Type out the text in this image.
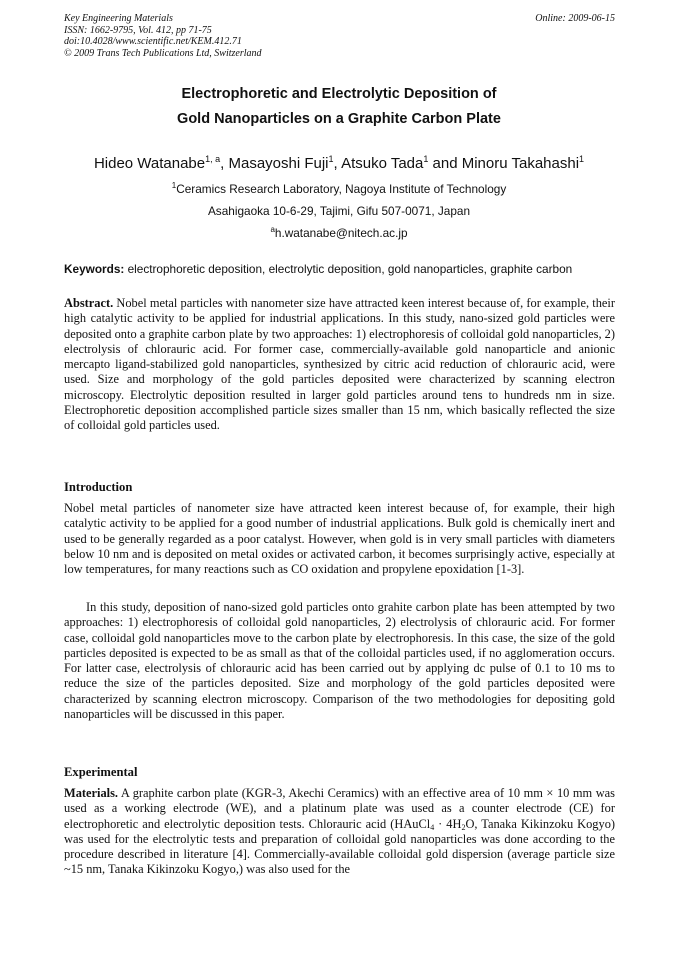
Key Engineering Materials
ISSN: 1662-9795, Vol. 412, pp 71-75
doi:10.4028/www.scientific.net/KEM.412.71
© 2009 Trans Tech Publications Ltd, Switzerland
Online: 2009-06-15
Electrophoretic and Electrolytic Deposition of
Gold Nanoparticles on a Graphite Carbon Plate
Hideo Watanabe$^{1, a}$, Masayoshi Fuji$^1$, Atsuko Tada$^1$ and Minoru Takahashi$^1$
$^1$Ceramics Research Laboratory, Nagoya Institute of Technology
Asahigaoka 10-6-29, Tajimi, Gifu 507-0071, Japan
$^a$h.watanabe@nitech.ac.jp
Keywords: electrophoretic deposition, electrolytic deposition, gold nanoparticles, graphite carbon
Abstract. Nobel metal particles with nanometer size have attracted keen interest because of, for example, their high catalytic activity to be applied for industrial applications. In this study, nano-sized gold particles were deposited onto a graphite carbon plate by two approaches: 1) electrophoresis of colloidal gold nanoparticles, 2) electrolysis of chlorauric acid. For former case, commercially-available gold nanoparticle and anionic mercapto ligand-stabilized gold nanoparticles, synthesized by citric acid reduction of chlorauric acid, were used. Size and morphology of the gold particles deposited were characterized by scanning electron microscopy. Electrolytic deposition resulted in larger gold particles around tens to hundreds nm in size. Electrophoretic deposition accomplished particle sizes smaller than 15 nm, which basically reflected the size of colloidal gold particles used.
Introduction
Nobel metal particles of nanometer size have attracted keen interest because of, for example, their high catalytic activity to be applied for a good number of industrial applications. Bulk gold is chemically inert and used to be generally regarded as a poor catalyst. However, when gold is in very small particles with diameters below 10 nm and is deposited on metal oxides or activated carbon, it becomes surprisingly active, especially at low temperatures, for many reactions such as CO oxidation and propylene epoxidation [1-3].
In this study, deposition of nano-sized gold particles onto grahite carbon plate has been attempted by two approaches: 1) electrophoresis of colloidal gold nanoparticles, 2) electrolysis of chlorauric acid. For former case, colloidal gold nanoparticles move to the carbon plate by electrophoresis. In this case, the size of the gold particles deposited is expected to be as small as that of the colloidal particles used, if no agglomeration occurs. For latter case, electrolysis of chlorauric acid has been carried out by applying dc pulse of 0.1 to 10 ms to reduce the size of the particles deposited. Size and morphology of the gold particles deposited were characterized by scanning electron microscopy. Comparison of the two methodologies for depositing gold nanoparticles will be discussed in this paper.
Experimental
Materials. A graphite carbon plate (KGR-3, Akechi Ceramics) with an effective area of 10 mm × 10 mm was used as a working electrode (WE), and a platinum plate was used as a counter electrode (CE) for electrophoretic and electrolytic deposition tests. Chlorauric acid (HAuCl$_4$ · $4H_2O$, Tanaka Kikinzoku Kogyo) was used for the electrolytic tests and preparation of colloidal gold nanoparticles was done according to the procedure described in literature [4]. Commercially-available colloidal gold dispersion (average particle size ~15 nm, Tanaka Kikinzoku Kogyo,) was also used for the
